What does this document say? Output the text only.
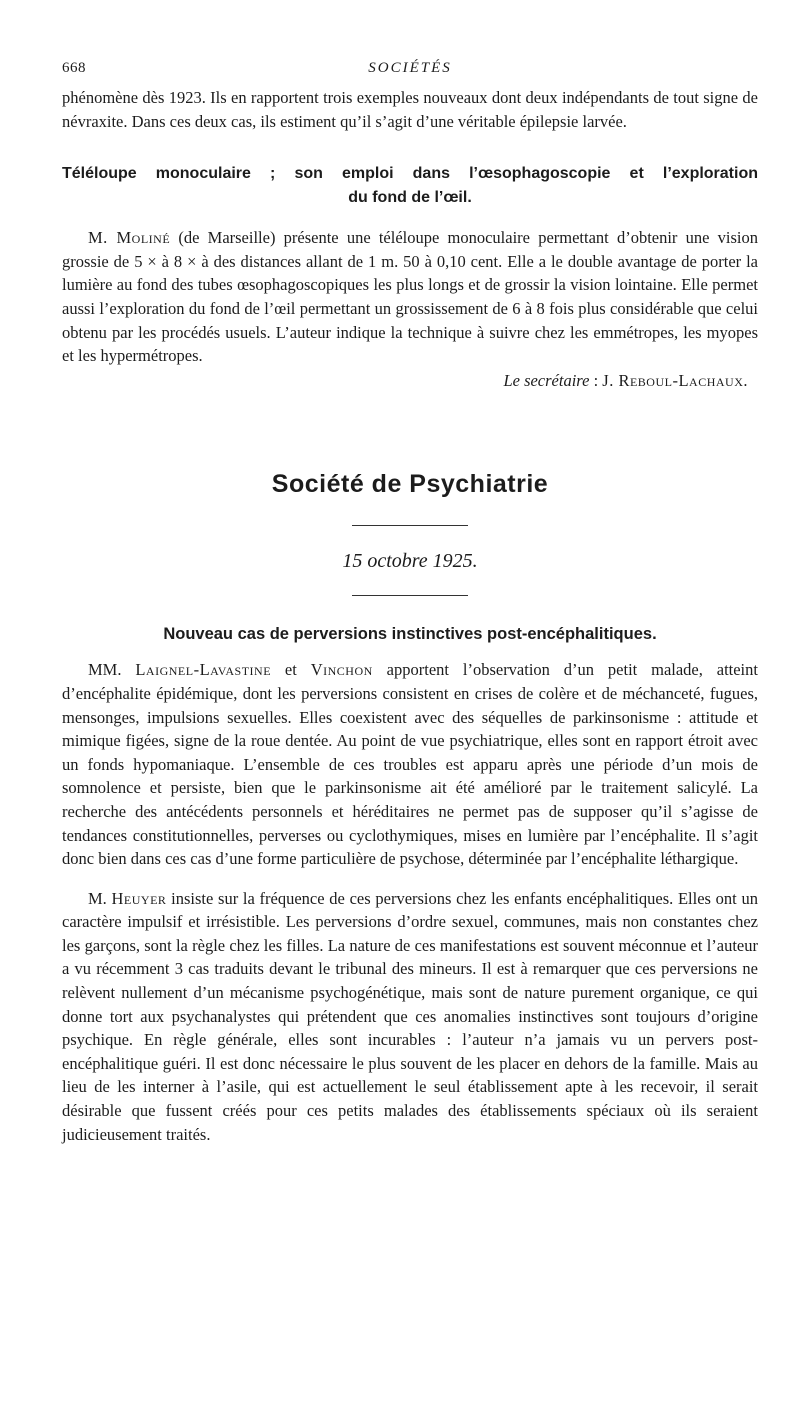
668	SOCIÉTÉS

phénomène dès 1923. Ils en rapportent trois exemples nouveaux dont deux indépendants de tout signe de névraxite. Dans ces deux cas, ils estiment qu’il s’agit d’une véritable épilepsie larvée.

Téléloupe monoculaire ; son emploi dans l’œsophagoscopie et l’exploration
du fond de l’œil.

M. Moliné (de Marseille) présente une téléloupe monoculaire permettant d’obtenir une vision grossie de 5 × à 8 × à des distances allant de 1 m. 50 à 0,10 cent. Elle a le double avantage de porter la lumière au fond des tubes œsophagoscopiques les plus longs et de grossir la vision lointaine. Elle permet aussi l’exploration du fond de l’œil permettant un grossissement de 6 à 8 fois plus considérable que celui obtenu par les procédés usuels. L’auteur indique la technique à suivre chez les emmétropes, les myopes et les hypermétropes.

Le secrétaire : J. Reboul-Lachaux.
Société de Psychiatrie
15 octobre 1925.
Nouveau cas de perversions instinctives post-encéphalitiques.

MM. Laignel-Lavastine et Vinchon apportent l’observation d’un petit malade, atteint d’encéphalite épidémique, dont les perversions consistent en crises de colère et de méchanceté, fugues, mensonges, impulsions sexuelles. Elles coexistent avec des séquelles de parkinsonisme : attitude et mimique figées, signe de la roue dentée. Au point de vue psychiatrique, elles sont en rapport étroit avec un fonds hypomaniaque. L’ensemble de ces troubles est apparu après une période d’un mois de somnolence et persiste, bien que le parkinsonisme ait été amélioré par le traitement salicylé. La recherche des antécédents personnels et héréditaires ne permet pas de supposer qu’il s’agisse de tendances constitutionnelles, perverses ou cyclothymiques, mises en lumière par l’encéphalite. Il s’agit donc bien dans ces cas d’une forme particulière de psychose, déterminée par l’encéphalite léthargique.

M. Heuyer insiste sur la fréquence de ces perversions chez les enfants encéphalitiques. Elles ont un caractère impulsif et irrésistible. Les perversions d’ordre sexuel, communes, mais non constantes chez les garçons, sont la règle chez les filles. La nature de ces manifestations est souvent méconnue et l’auteur a vu récemment 3 cas traduits devant le tribunal des mineurs. Il est à remarquer que ces perversions ne relèvent nullement d’un mécanisme psychogénétique, mais sont de nature purement organique, ce qui donne tort aux psychanalystes qui prétendent que ces anomalies instinctives sont toujours d’origine psychique. En règle générale, elles sont incurables : l’auteur n’a jamais vu un pervers post-encéphalitique guéri. Il est donc nécessaire le plus souvent de les placer en dehors de la famille. Mais au lieu de les interner à l’asile, qui est actuellement le seul établissement apte à les recevoir, il serait désirable que fussent créés pour ces petits malades des établissements spéciaux où ils seraient judicieusement traités.
